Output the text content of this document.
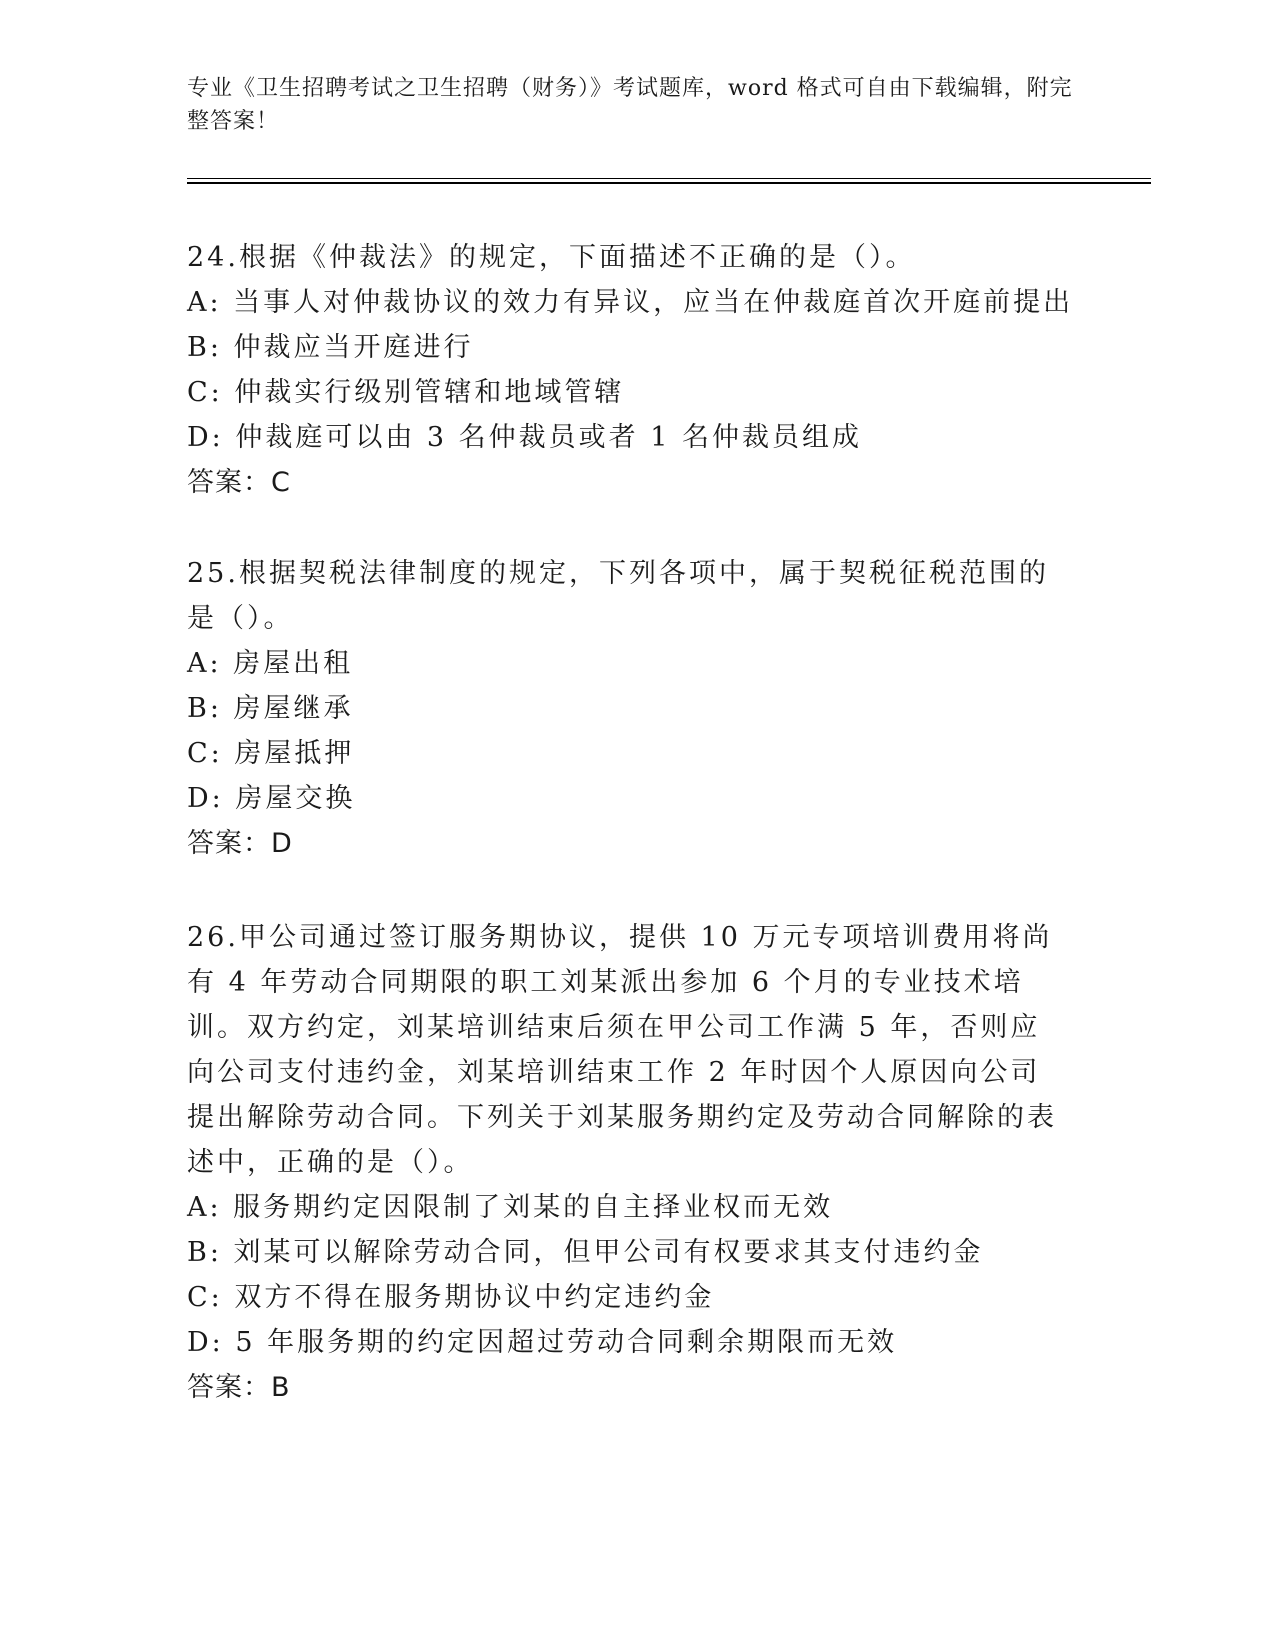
专业《卫生招聘考试之卫生招聘（财务）》考试题库，word 格式可自由下载编辑，附完整答案！

24.根据《仲裁法》的规定，下面描述不正确的是（）。

A: 当事人对仲裁协议的效力有异议，应当在仲裁庭首次开庭前提出

B: 仲裁应当开庭进行

C: 仲裁实行级别管辖和地域管辖

D: 仲裁庭可以由 3 名仲裁员或者 1 名仲裁员组成

答案：C

25.根据契税法律制度的规定，下列各项中，属于契税征税范围的是（）。

A: 房屋出租

B: 房屋继承

C: 房屋抵押

D: 房屋交换

答案：D

26.甲公司通过签订服务期协议，提供 10 万元专项培训费用将尚有 4 年劳动合同期限的职工刘某派出参加 6 个月的专业技术培训。双方约定，刘某培训结束后须在甲公司工作满 5 年，否则应向公司支付违约金，刘某培训结束工作 2 年时因个人原因向公司提出解除劳动合同。下列关于刘某服务期约定及劳动合同解除的表述中，正确的是（）。

A: 服务期约定因限制了刘某的自主择业权而无效

B: 刘某可以解除劳动合同，但甲公司有权要求其支付违约金

C: 双方不得在服务期协议中约定违约金

D: 5 年服务期的约定因超过劳动合同剩余期限而无效

答案：B
